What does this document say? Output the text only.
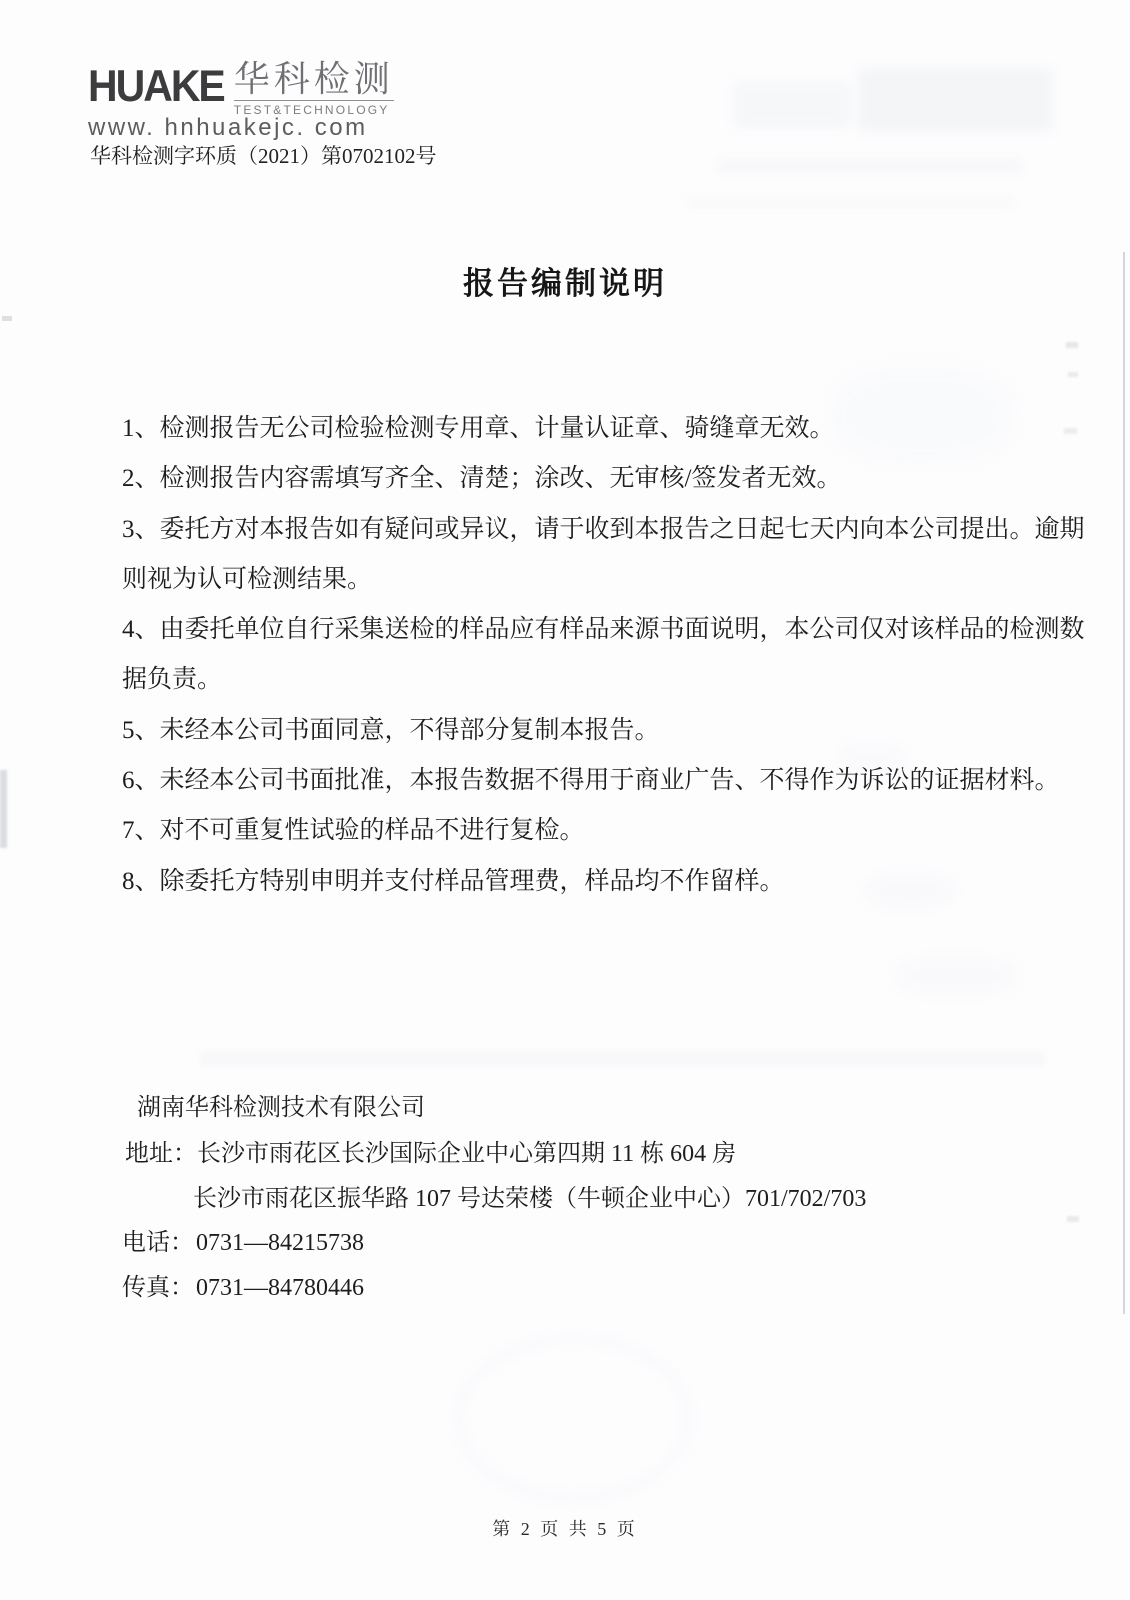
HUAKE 华科检测
TEST&TECHNOLOGY
www. hnhuakejc. com
华科检测字环质（2021）第0702102号
报告编制说明
1、检测报告无公司检验检测专用章、计量认证章、骑缝章无效。
2、检测报告内容需填写齐全、清楚；涂改、无审核/签发者无效。
3、委托方对本报告如有疑问或异议，请于收到本报告之日起七天内向本公司提出。逾期
则视为认可检测结果。
4、由委托单位自行采集送检的样品应有样品来源书面说明，本公司仅对该样品的检测数
据负责。
5、未经本公司书面同意，不得部分复制本报告。
6、未经本公司书面批准，本报告数据不得用于商业广告、不得作为诉讼的证据材料。
7、对不可重复性试验的样品不进行复检。
8、除委托方特别申明并支付样品管理费，样品均不作留样。
湖南华科检测技术有限公司
地址：长沙市雨花区长沙国际企业中心第四期 11 栋 604 房
长沙市雨花区振华路 107 号达荣楼（牛顿企业中心）701/702/703
电话：0731—84215738
传真：0731—84780446
第 2 页 共 5 页
